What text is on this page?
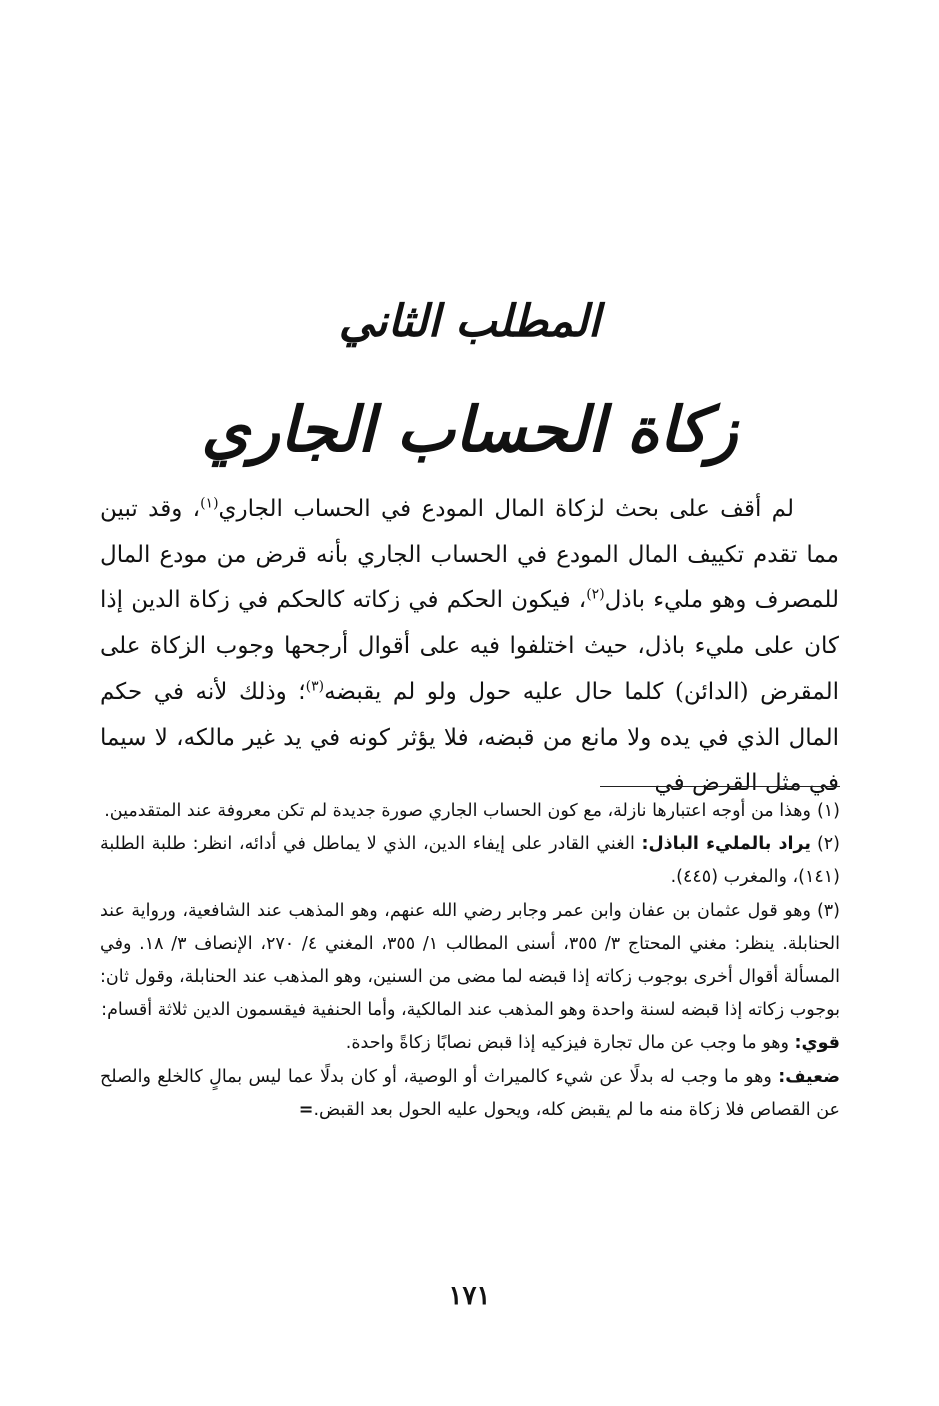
المطلب الثاني
زكاة الحساب الجاري

لم أقف على بحث لزكاة المال المودع في الحساب الجاري$^{(١)}$، وقد تبين مما تقدم تكييف المال المودع في الحساب الجاري بأنه قرض من مودع المال للمصرف وهو مليء باذل$^{(٢)}$، فيكون الحكم في زكاته كالحكم في زكاة الدين إذا كان على مليء باذل، حيث اختلفوا فيه على أقوال أرجحها وجوب الزكاة على المقرض (الدائن) كلما حال عليه حول ولو لم يقبضه$^{(٣)}$؛ وذلك لأنه في حكم المال الذي في يده ولا مانع من قبضه، فلا يؤثر كونه في يد غير مالكه، لا سيما في مثل القرض في

(١)وهذا من أوجه اعتبارها نازلة، مع كون الحساب الجاري صورة جديدة لم تكن معروفة عند المتقدمين.

(٢)يراد بالمليء الباذل: الغني القادر على إيفاء الدين، الذي لا يماطل في أدائه، انظر: طلبة الطلبة (١٤١)، والمغرب (٤٤٥).

(٣)وهو قول عثمان بن عفان وابن عمر وجابر رضي الله عنهم، وهو المذهب عند الشافعية، ورواية عند الحنابلة. ينظر: مغني المحتاج ٣/ ٣٥٥، أسنى المطالب ١/ ٣٥٥، المغني ٤/ ٢٧٠، الإنصاف ٣/ ١٨. وفي المسألة أقوال أخرى بوجوب زكاته إذا قبضه لما مضى من السنين، وهو المذهب عند الحنابلة، وقول ثان: بوجوب زكاته إذا قبضه لسنة واحدة وهو المذهب عند المالكية، وأما الحنفية فيقسمون الدين ثلاثة أقسام:

قوي: وهو ما وجب عن مال تجارة فيزكيه إذا قبض نصابًا زكاةً واحدة.

ضعيف: وهو ما وجب له بدلًا عن شيء كالميراث أو الوصية، أو كان بدلًا عما ليس بمالٍ كالخلع والصلح عن القصاص فلا زكاة منه ما لم يقبض كله، ويحول عليه الحول بعد القبض.=

١٧١
